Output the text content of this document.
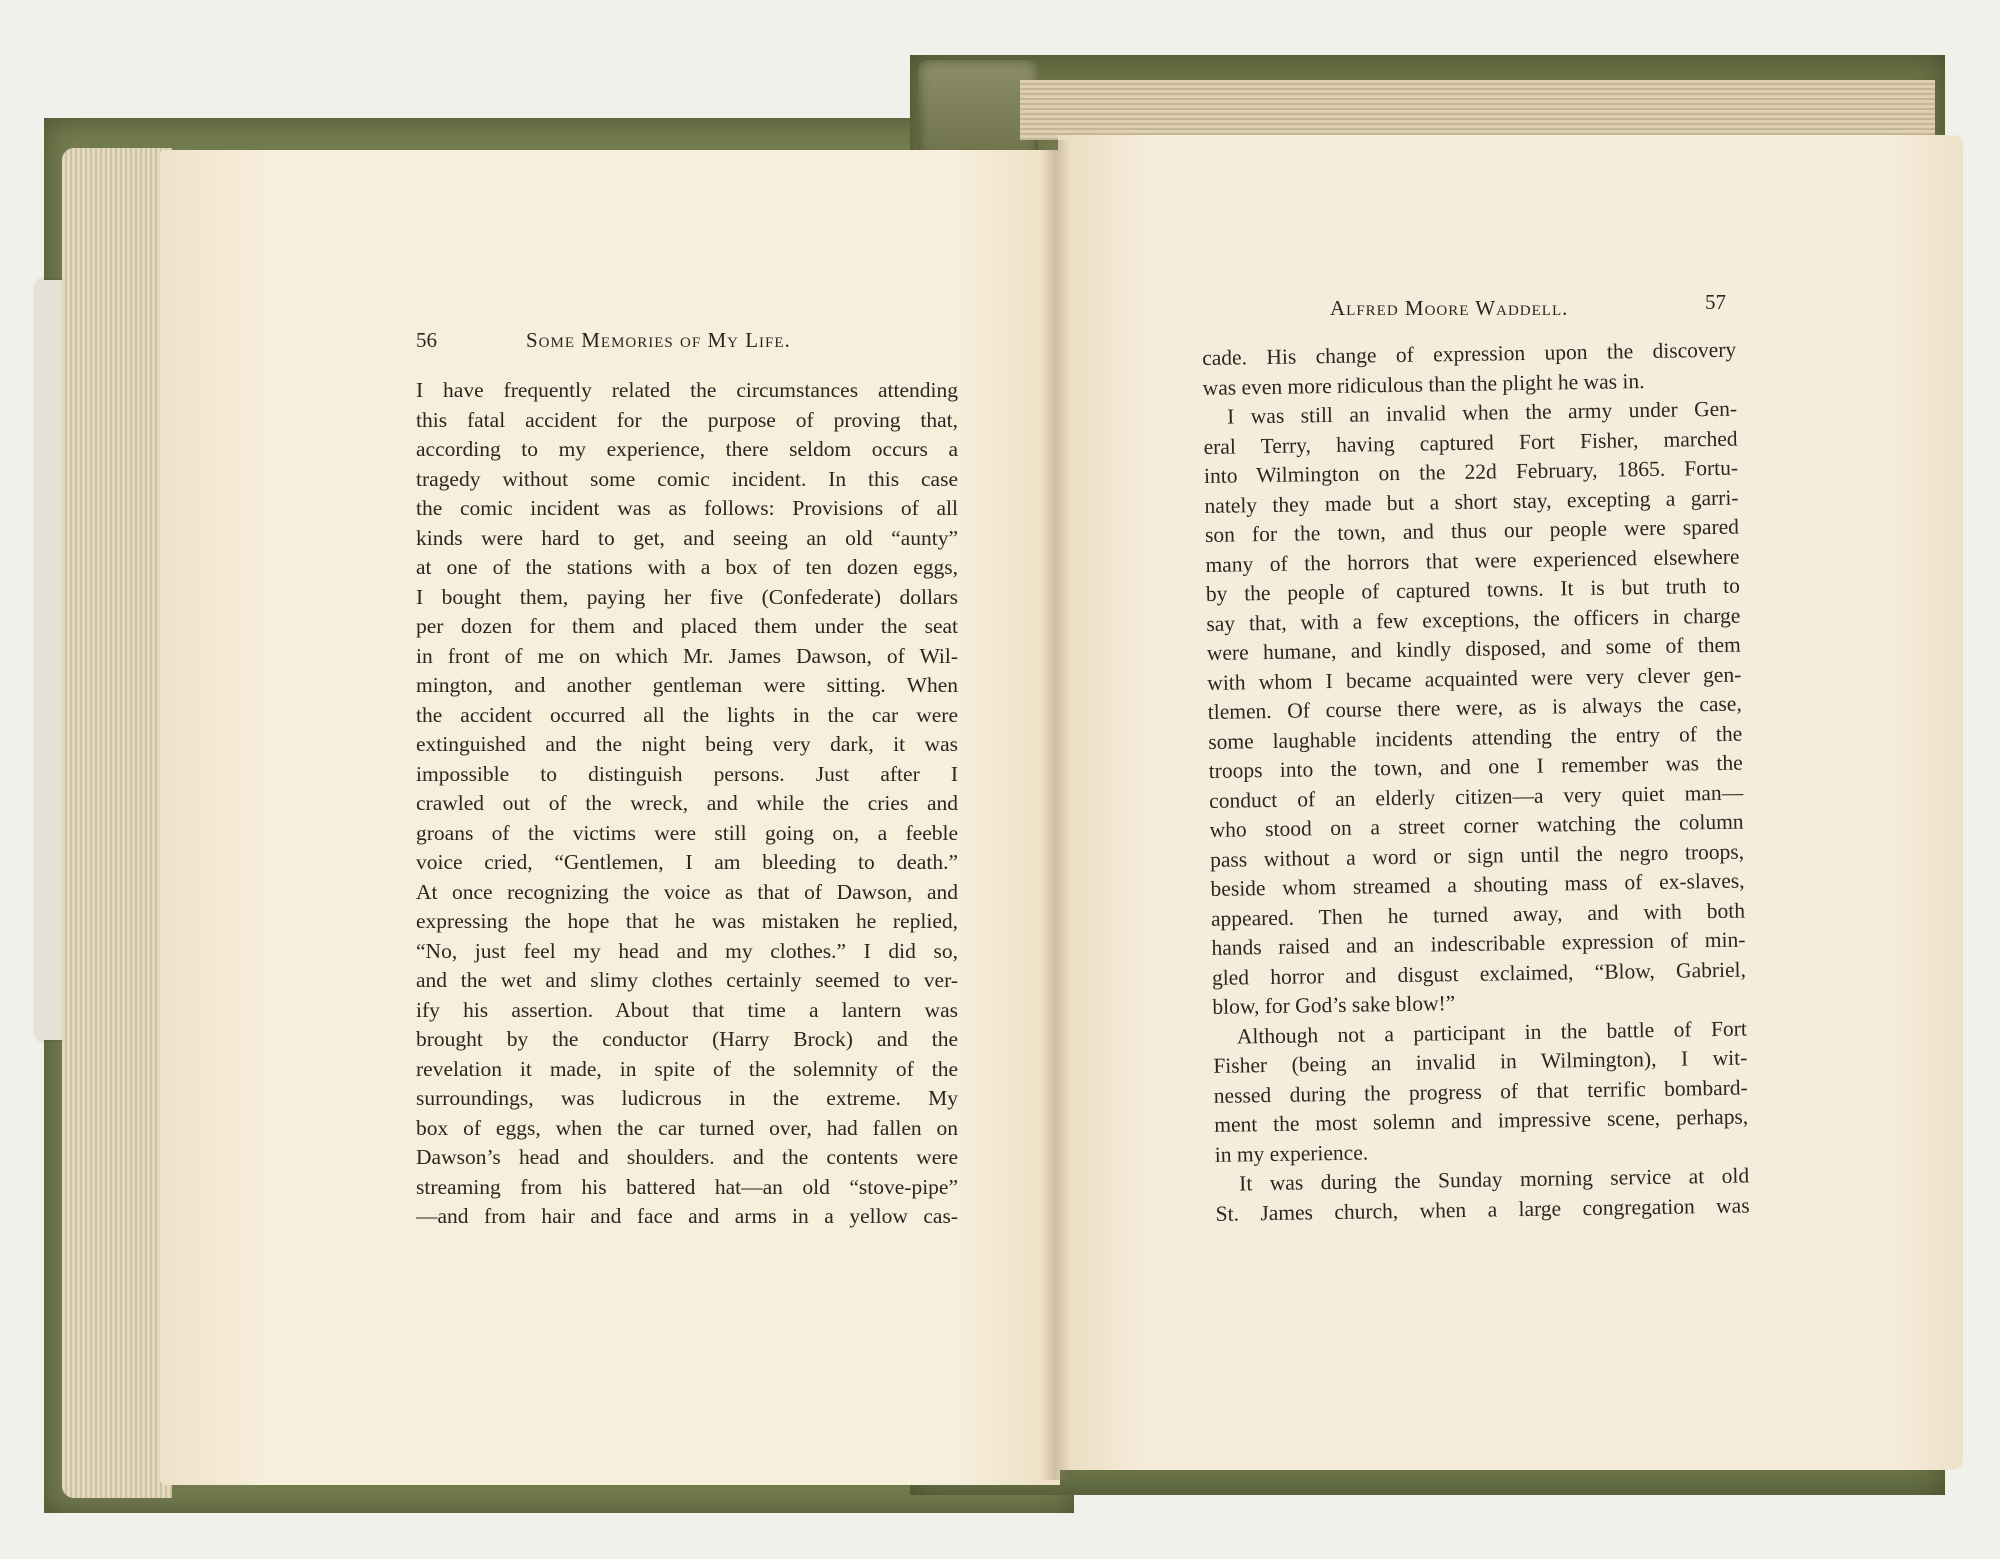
56	Some Memories of My Life.
Alfred Moore Waddell.	57
I have frequently related the circumstances attending
this fatal accident for the purpose of proving that,
according to my experience, there seldom occurs a
tragedy without some comic incident. In this case
the comic incident was as follows: Provisions of all
kinds were hard to get, and seeing an old “aunty”
at one of the stations with a box of ten dozen eggs,
I bought them, paying her five (Confederate) dollars
per dozen for them and placed them under the seat
in front of me on which Mr. James Dawson, of Wil-
mington, and another gentleman were sitting. When
the accident occurred all the lights in the car were
extinguished and the night being very dark, it was
impossible to distinguish persons. Just after I
crawled out of the wreck, and while the cries and
groans of the victims were still going on, a feeble
voice cried, “Gentlemen, I am bleeding to death.”
At once recognizing the voice as that of Dawson, and
expressing the hope that he was mistaken he replied,
“No, just feel my head and my clothes.” I did so,
and the wet and slimy clothes certainly seemed to ver-
ify his assertion. About that time a lantern was
brought by the conductor (Harry Brock) and the
revelation it made, in spite of the solemnity of the
surroundings, was ludicrous in the extreme. My
box of eggs, when the car turned over, had fallen on
Dawson’s head and shoulders. and the contents were
streaming from his battered hat—an old “stove-pipe”
—and from hair and face and arms in a yellow cas-
cade. His change of expression upon the discovery
was even more ridiculous than the plight he was in.
I was still an invalid when the army under Gen-
eral Terry, having captured Fort Fisher, marched
into Wilmington on the 22d February, 1865. Fortu-
nately they made but a short stay, excepting a garri-
son for the town, and thus our people were spared
many of the horrors that were experienced elsewhere
by the people of captured towns. It is but truth to
say that, with a few exceptions, the officers in charge
were humane, and kindly disposed, and some of them
with whom I became acquainted were very clever gen-
tlemen. Of course there were, as is always the case,
some laughable incidents attending the entry of the
troops into the town, and one I remember was the
conduct of an elderly citizen—a very quiet man—
who stood on a street corner watching the column
pass without a word or sign until the negro troops,
beside whom streamed a shouting mass of ex-slaves,
appeared. Then he turned away, and with both
hands raised and an indescribable expression of min-
gled horror and disgust exclaimed, “Blow, Gabriel,
blow, for God’s sake blow!”
Although not a participant in the battle of Fort
Fisher (being an invalid in Wilmington), I wit-
nessed during the progress of that terrific bombard-
ment the most solemn and impressive scene, perhaps,
in my experience.
It was during the Sunday morning service at old
St. James church, when a large congregation was
